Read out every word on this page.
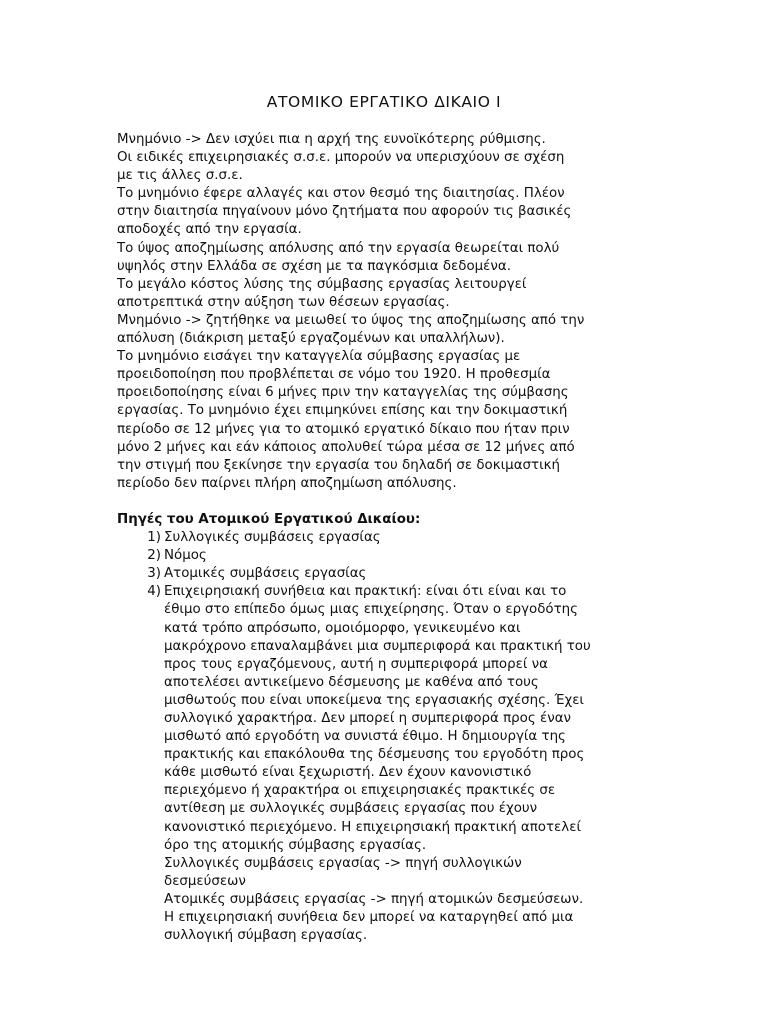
ΑΤΟΜΙΚΟ ΕΡΓΑΤΙΚΟ ΔΙΚΑΙΟ Ι
Μνημόνιο -> Δεν ισχύει πια η αρχή της ευνοϊκότερης ρύθμισης.
Οι ειδικές επιχειρησιακές σ.σ.ε. μπορούν να υπερισχύουν σε σχέση
με τις άλλες σ.σ.ε.
Το μνημόνιο έφερε αλλαγές και στον θεσμό της διαιτησίας. Πλέον
στην διαιτησία πηγαίνουν μόνο ζητήματα που αφορούν τις βασικές
αποδοχές από την εργασία.
Το ύψος αποζημίωσης απόλυσης από την εργασία θεωρείται πολύ
υψηλός στην Ελλάδα σε σχέση με τα παγκόσμια δεδομένα.
Το μεγάλο κόστος λύσης της σύμβασης εργασίας λειτουργεί
αποτρεπτικά στην αύξηση των θέσεων εργασίας.
Μνημόνιο -> ζητήθηκε να μειωθεί το ύψος της αποζημίωσης από την
απόλυση (διάκριση μεταξύ εργαζομένων και υπαλλήλων).
Το μνημόνιο εισάγει την καταγγελία σύμβασης εργασίας με
προειδοποίηση που προβλέπεται σε νόμο του 1920. Η προθεσμία
προειδοποίησης είναι 6 μήνες πριν την καταγγελίας της σύμβασης
εργασίας. Το μνημόνιο έχει επιμηκύνει επίσης και την δοκιμαστική
περίοδο σε 12 μήνες για το ατομικό εργατικό δίκαιο που ήταν πριν
μόνο 2 μήνες και εάν κάποιος απολυθεί τώρα μέσα σε 12 μήνες από
την στιγμή που ξεκίνησε την εργασία του δηλαδή σε δοκιμαστική
περίοδο δεν παίρνει πλήρη αποζημίωση απόλυσης.
Πηγές του Ατομικού Εργατικού Δικαίου:
1) Συλλογικές συμβάσεις εργασίας
2) Νόμος
3) Ατομικές συμβάσεις εργασίας
4) Επιχειρησιακή συνήθεια και πρακτική: είναι ότι είναι και το
έθιμο στο επίπεδο όμως μιας επιχείρησης. Όταν ο εργοδότης
κατά τρόπο απρόσωπο, ομοιόμορφο, γενικευμένο και
μακρόχρονο επαναλαμβάνει μια συμπεριφορά και πρακτική του
προς τους εργαζόμενους, αυτή η συμπεριφορά μπορεί να
αποτελέσει αντικείμενο δέσμευσης με καθένα από τους
μισθωτούς που είναι υποκείμενα της εργασιακής σχέσης. Έχει
συλλογικό χαρακτήρα. Δεν μπορεί η συμπεριφορά προς έναν
μισθωτό από εργοδότη να συνιστά έθιμο. Η δημιουργία της
πρακτικής και επακόλουθα της δέσμευσης του εργοδότη προς
κάθε μισθωτό είναι ξεχωριστή. Δεν έχουν κανονιστικό
περιεχόμενο ή χαρακτήρα οι επιχειρησιακές πρακτικές σε
αντίθεση με συλλογικές συμβάσεις εργασίας που έχουν
κανονιστικό περιεχόμενο. Η επιχειρησιακή πρακτική αποτελεί
όρο της ατομικής σύμβασης εργασίας.
Συλλογικές συμβάσεις εργασίας -> πηγή συλλογικών
δεσμεύσεων
Ατομικές συμβάσεις εργασίας -> πηγή ατομικών δεσμεύσεων.
Η επιχειρησιακή συνήθεια δεν μπορεί να καταργηθεί από μια
συλλογική σύμβαση εργασίας.
